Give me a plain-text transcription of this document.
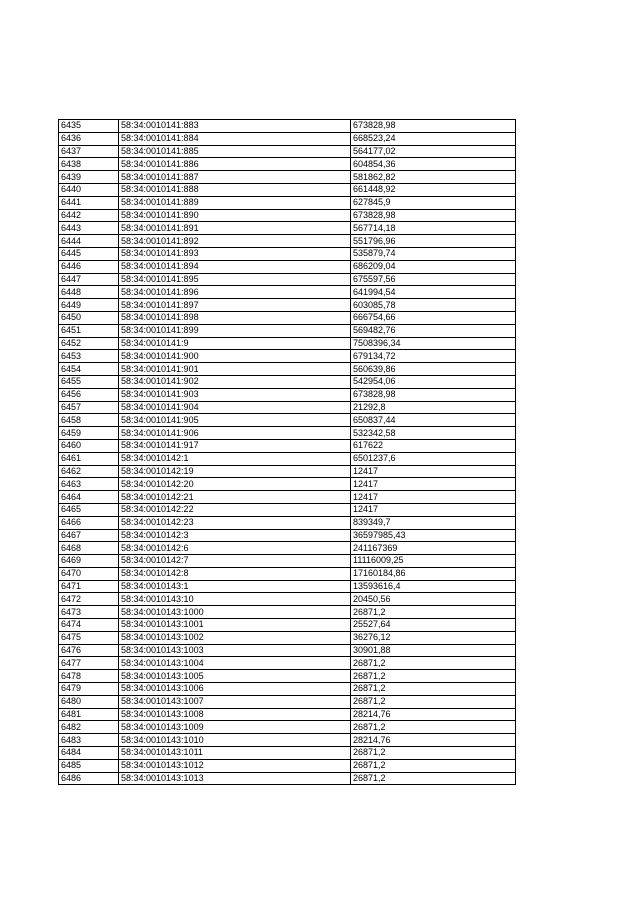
6435	58:34:0010141:883	673828,98
6436	58:34:0010141:884	668523,24
6437	58:34:0010141:885	564177,02
6438	58:34:0010141:886	604854,36
6439	58:34:0010141:887	581862,82
6440	58:34:0010141:888	661448,92
6441	58:34:0010141:889	627845,9
6442	58:34:0010141:890	673828,98
6443	58:34:0010141:891	567714,18
6444	58:34:0010141:892	551796,96
6445	58:34:0010141:893	535879,74
6446	58:34:0010141:894	686209,04
6447	58:34:0010141:895	675597,56
6448	58:34:0010141:896	641994,54
6449	58:34:0010141:897	603085,78
6450	58:34:0010141:898	666754,66
6451	58:34:0010141:899	569482,76
6452	58:34:0010141:9	7508396,34
6453	58:34:0010141:900	679134,72
6454	58:34:0010141:901	560639,86
6455	58:34:0010141:902	542954,06
6456	58:34:0010141:903	673828,98
6457	58:34:0010141:904	21292,8
6458	58:34:0010141:905	650837,44
6459	58:34:0010141:906	532342,58
6460	58:34:0010141:917	617622
6461	58:34:0010142:1	6501237,6
6462	58:34:0010142:19	12417
6463	58:34:0010142:20	12417
6464	58:34:0010142:21	12417
6465	58:34:0010142:22	12417
6466	58:34:0010142:23	839349,7
6467	58:34:0010142:3	36597985,43
6468	58:34:0010142:6	241167369
6469	58:34:0010142:7	11116009,25
6470	58:34:0010142:8	17160184,86
6471	58:34:0010143:1	13593616,4
6472	58:34:0010143:10	20450,56
6473	58:34:0010143:1000	26871,2
6474	58:34:0010143:1001	25527,64
6475	58:34:0010143:1002	36276,12
6476	58:34:0010143:1003	30901,88
6477	58:34:0010143:1004	26871,2
6478	58:34:0010143:1005	26871,2
6479	58:34:0010143:1006	26871,2
6480	58:34:0010143:1007	26871,2
6481	58:34:0010143:1008	28214,76
6482	58:34:0010143:1009	26871,2
6483	58:34:0010143:1010	28214,76
6484	58:34:0010143:1011	26871,2
6485	58:34:0010143:1012	26871,2
6486	58:34:0010143:1013	26871,2
